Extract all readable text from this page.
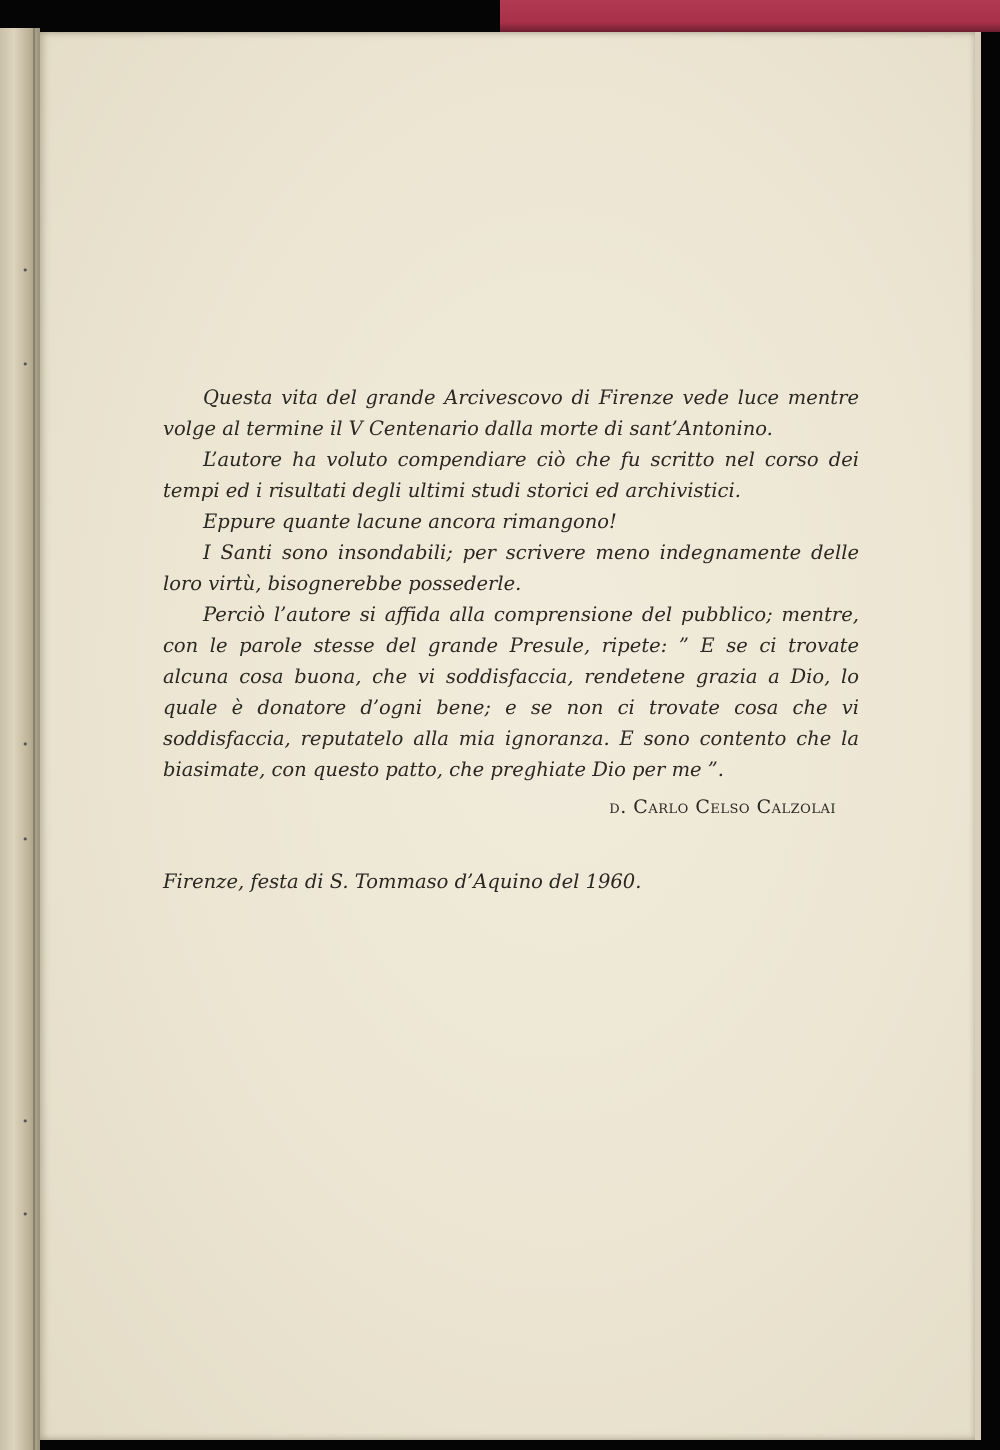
•
•
•
•
•
•

Questa vita del grande Arcivescovo di Firenze vede luce mentre volge al termine il V Centenario dalla morte di sant’Antonino.

L’autore ha voluto compendiare ciò che fu scritto nel corso dei tempi ed i risultati degli ultimi studi storici ed archivistici.

Eppure quante lacune ancora rimangono!

I Santi sono insondabili; per scrivere meno indegnamente delle loro virtù, bisognerebbe possederle.

Perciò l’autore si affida alla comprensione del pubblico; mentre, con le parole stesse del grande Presule, ripete: ” E se ci trovate alcuna cosa buona, che vi soddisfaccia, rendetene grazia a Dio, lo quale è donatore d’ogni bene; e se non ci trovate cosa che vi soddisfaccia, reputatelo alla mia ignoranza. E sono contento che la biasimate, con questo patto, che preghiate Dio per me ”.

d. Carlo Celso Calzolai
Firenze, festa di S. Tommaso d’Aquino del 1960.
